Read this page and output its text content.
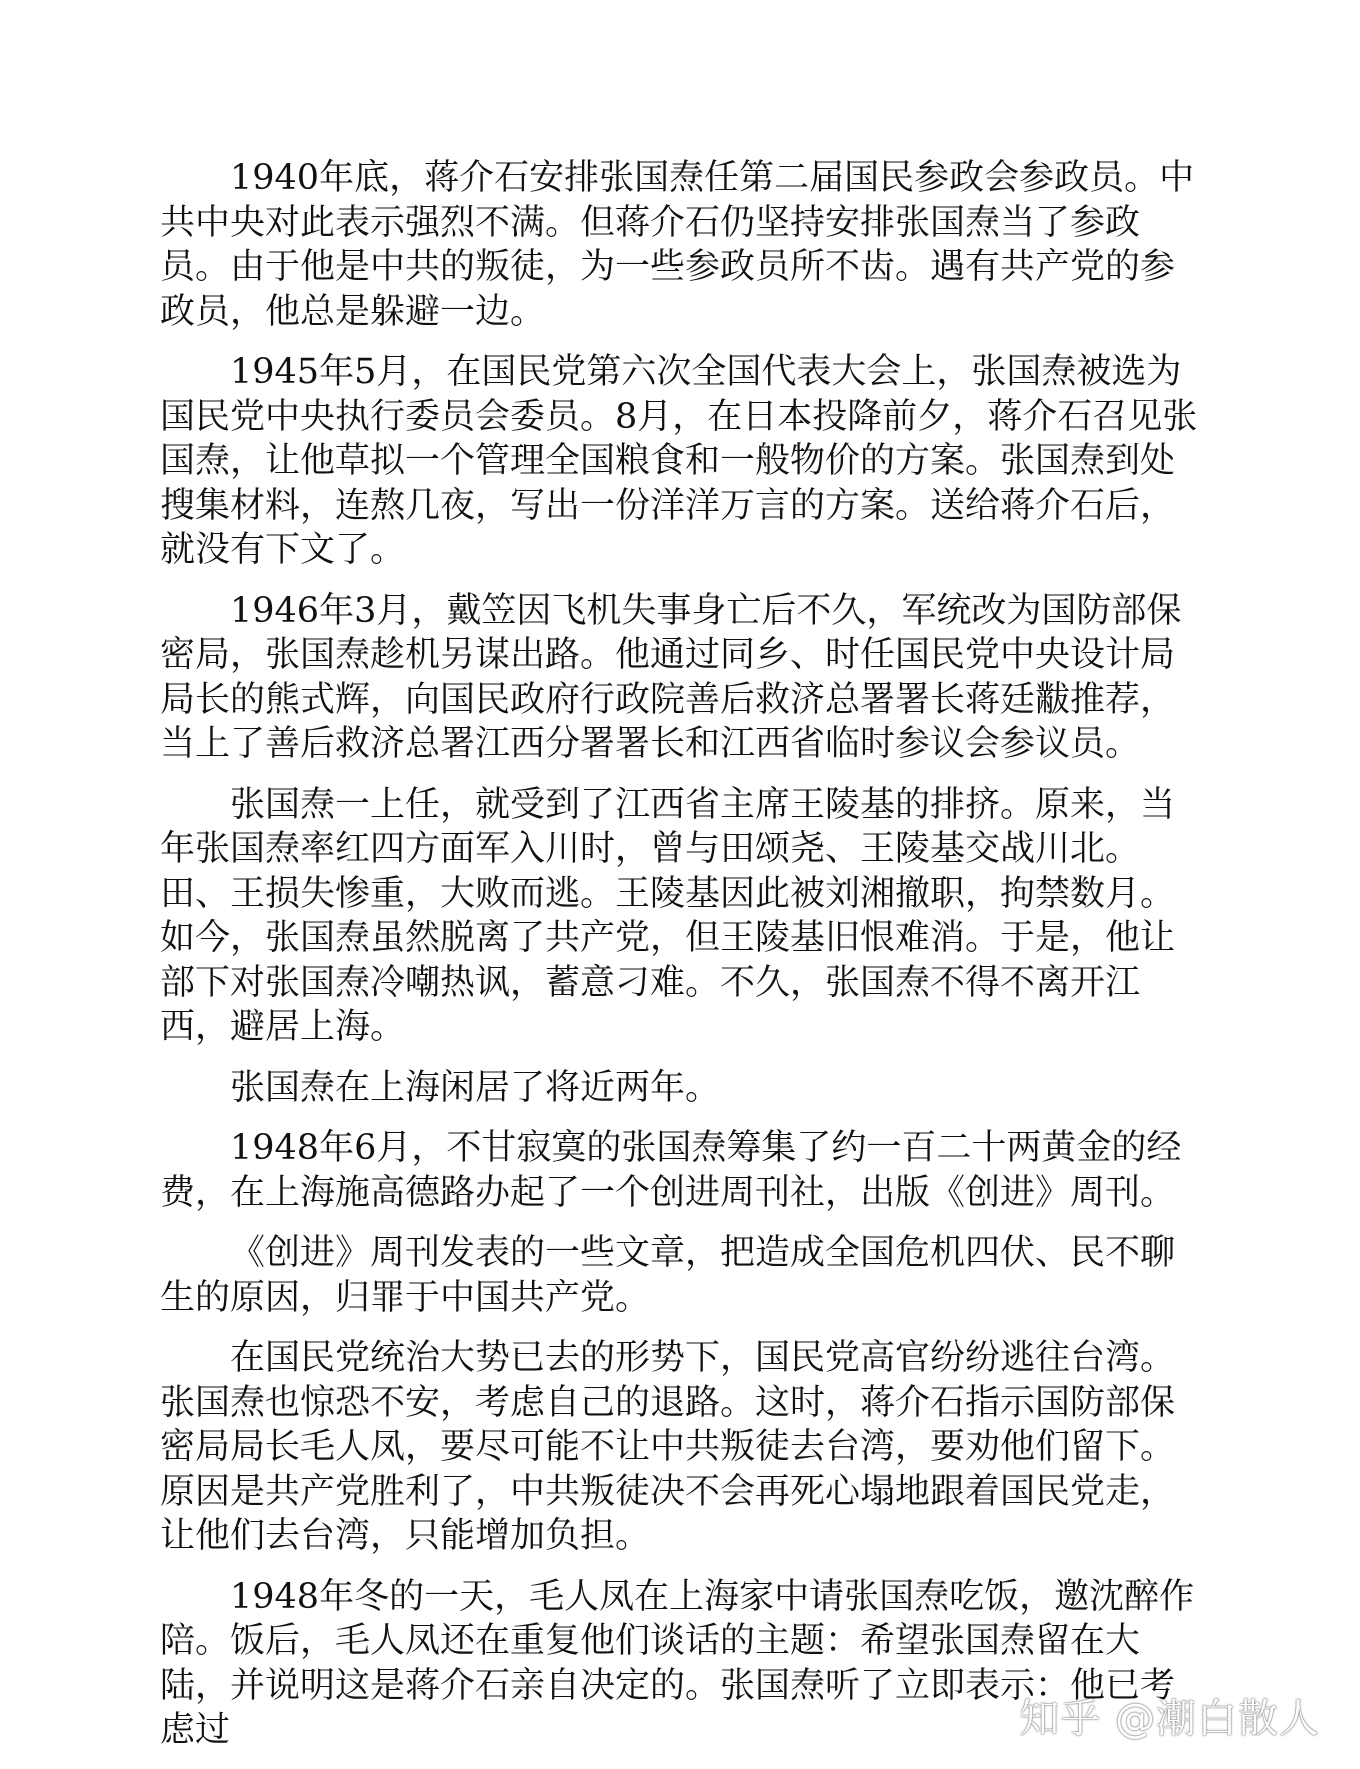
1940年底，蒋介石安排张国焘任第二届国民参政会参政员。中共中央对此表示强烈不满。但蒋介石仍坚持安排张国焘当了参政员。由于他是中共的叛徒，为一些参政员所不齿。遇有共产党的参政员，他总是躲避一边。

1945年5月，在国民党第六次全国代表大会上，张国焘被选为国民党中央执行委员会委员。8月，在日本投降前夕，蒋介石召见张国焘，让他草拟一个管理全国粮食和一般物价的方案。张国焘到处搜集材料，连熬几夜，写出一份洋洋万言的方案。送给蒋介石后，就没有下文了。

1946年3月，戴笠因飞机失事身亡后不久，军统改为国防部保密局，张国焘趁机另谋出路。他通过同乡、时任国民党中央设计局局长的熊式辉，向国民政府行政院善后救济总署署长蒋廷黻推荐，当上了善后救济总署江西分署署长和江西省临时参议会参议员。

张国焘一上任，就受到了江西省主席王陵基的排挤。原来，当年张国焘率红四方面军入川时，曾与田颂尧、王陵基交战川北。田、王损失惨重，大败而逃。王陵基因此被刘湘撤职，拘禁数月。如今，张国焘虽然脱离了共产党，但王陵基旧恨难消。于是，他让部下对张国焘冷嘲热讽，蓄意刁难。不久，张国焘不得不离开江西，避居上海。

张国焘在上海闲居了将近两年。

1948年6月，不甘寂寞的张国焘筹集了约一百二十两黄金的经费，在上海施高德路办起了一个创进周刊社，出版《创进》周刊。

《创进》周刊发表的一些文章，把造成全国危机四伏、民不聊生的原因，归罪于中国共产党。

在国民党统治大势已去的形势下，国民党高官纷纷逃往台湾。张国焘也惊恐不安，考虑自己的退路。这时，蒋介石指示国防部保密局局长毛人凤，要尽可能不让中共叛徒去台湾，要劝他们留下。原因是共产党胜利了，中共叛徒决不会再死心塌地跟着国民党走，让他们去台湾，只能增加负担。

1948年冬的一天，毛人凤在上海家中请张国焘吃饭，邀沈醉作陪。饭后，毛人凤还在重复他们谈话的主题：希望张国焘留在大陆，并说明这是蒋介石亲自决定的。张国焘听了立即表示：他已考虑过	知乎 @潮白散人
